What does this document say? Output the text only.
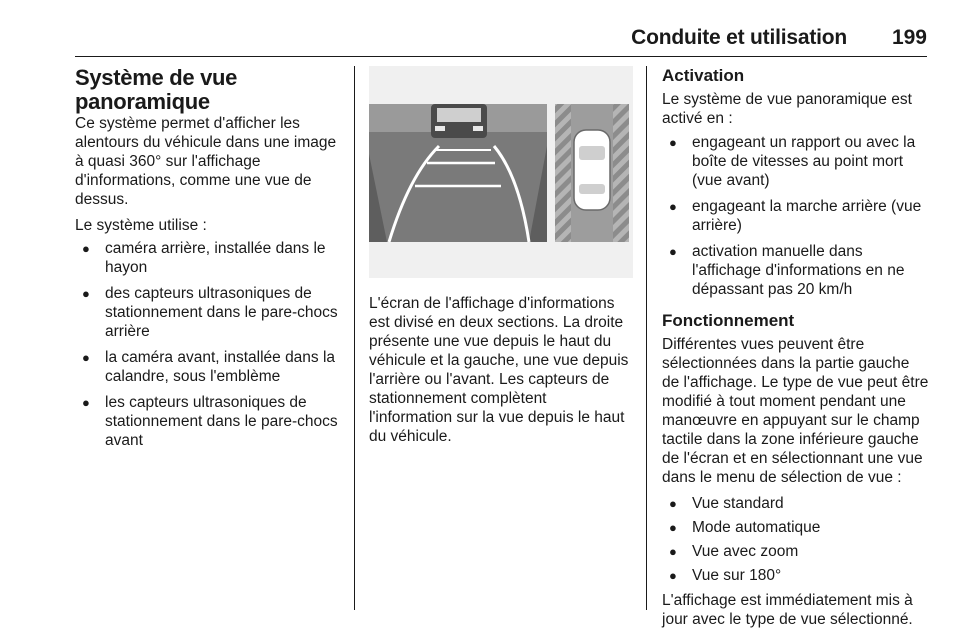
Conduite et utilisation 199
Système de vue panoramique

Ce système permet d'afficher les alentours du véhicule dans une image à quasi 360° sur l'affichage d'informations, comme une vue de dessus.

Le système utilise :

● caméra arrière, installée dans le hayon
● des capteurs ultrasoniques de stationnement dans le pare-chocs arrière
● la caméra avant, installée dans la calandre, sous l'emblème
● les capteurs ultrasoniques de stationnement dans le pare-chocs avant

L'écran de l'affichage d'informations est divisé en deux sections. La droite présente une vue depuis le haut du véhicule et la gauche, une vue depuis l'arrière ou l'avant. Les capteurs de stationnement complètent l'information sur la vue depuis le haut du véhicule.

Activation

Le système de vue panoramique est activé en :

● engageant un rapport ou avec la boîte de vitesses au point mort (vue avant)
● engageant la marche arrière (vue arrière)
● activation manuelle dans l'affichage d'informations en ne dépassant pas 20 km/h
Fonctionnement

Différentes vues peuvent être sélectionnées dans la partie gauche de l'affichage. Le type de vue peut être modifié à tout moment pendant une manœuvre en appuyant sur le champ tactile dans la zone inférieure gauche de l'écran et en sélectionnant une vue dans le menu de sélection de vue :

● Vue standard
● Mode automatique
● Vue avec zoom
● Vue sur 180°

L'affichage est immédiatement mis à jour avec le type de vue sélectionné.
